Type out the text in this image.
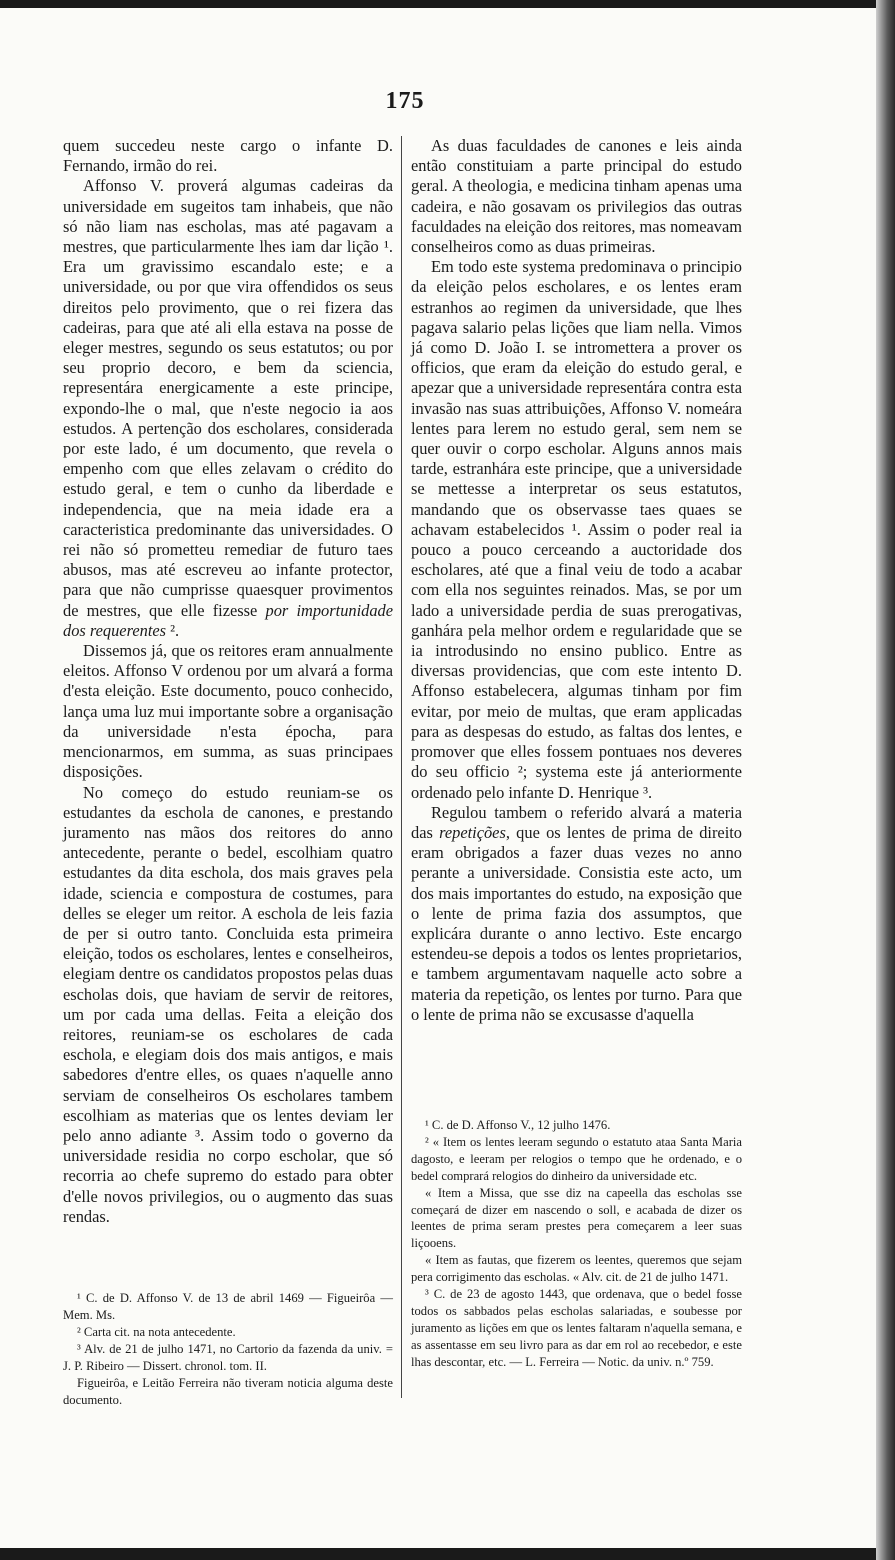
175

quem succedeu neste cargo o infante D. Fernando, irmão do rei.

Affonso V. proverá algumas cadeiras da universidade em sugeitos tam inhabeis, que não só não liam nas escholas, mas até pagavam a mestres, que particularmente lhes iam dar lição ¹. Era um gravissimo escandalo este; e a universidade, ou por que vira offendidos os seus direitos pelo provimento, que o rei fizera das cadeiras, para que até ali ella estava na posse de eleger mestres, segundo os seus estatutos; ou por seu proprio decoro, e bem da sciencia, representára energicamente a este principe, expondo-lhe o mal, que n'este negocio ia aos estudos. A pertenção dos escholares, considerada por este lado, é um documento, que revela o empenho com que elles zelavam o crédito do estudo geral, e tem o cunho da liberdade e independencia, que na meia idade era a caracteristica predominante das universidades. O rei não só prometteu remediar de futuro taes abusos, mas até escreveu ao infante protector, para que não cumprisse quaesquer provimentos de mestres, que elle fizesse por importunidade dos requerentes ².

Dissemos já, que os reitores eram annualmente eleitos. Affonso V ordenou por um alvará a forma d'esta eleição. Este documento, pouco conhecido, lança uma luz mui importante sobre a organisação da universidade n'esta épocha, para mencionarmos, em summa, as suas principaes disposições.

No começo do estudo reuniam-se os estudantes da eschola de canones, e prestando juramento nas mãos dos reitores do anno antecedente, perante o bedel, escolhiam quatro estudantes da dita eschola, dos mais graves pela idade, sciencia e compostura de costumes, para delles se eleger um reitor. A eschola de leis fazia de per si outro tanto. Concluida esta primeira eleição, todos os escholares, lentes e conselheiros, elegiam dentre os candidatos propostos pelas duas escholas dois, que haviam de servir de reitores, um por cada uma dellas. Feita a eleição dos reitores, reuniam-se os escholares de cada eschola, e elegiam dois dos mais antigos, e mais sabedores d'entre elles, os quaes n'aquelle anno serviam de conselheiros Os escholares tambem escolhiam as materias que os lentes deviam ler pelo anno adiante ³. Assim todo o governo da universidade residia no corpo escholar, que só recorria ao chefe supremo do estado para obter d'elle novos privilegios, ou o augmento das suas rendas.

As duas faculdades de canones e leis ainda então constituiam a parte principal do estudo geral. A theologia, e medicina tinham apenas uma cadeira, e não gosavam os privilegios das outras faculdades na eleição dos reitores, mas nomeavam conselheiros como as duas primeiras.

Em todo este systema predominava o principio da eleição pelos escholares, e os lentes eram estranhos ao regimen da universidade, que lhes pagava salario pelas lições que liam nella. Vimos já como D. João I. se intromettera a prover os officios, que eram da eleição do estudo geral, e apezar que a universidade representára contra esta invasão nas suas attribuições, Affonso V. nomeára lentes para lerem no estudo geral, sem nem se quer ouvir o corpo escholar. Alguns annos mais tarde, estranhára este principe, que a universidade se mettesse a interpretar os seus estatutos, mandando que os observasse taes quaes se achavam estabelecidos ¹. Assim o poder real ia pouco a pouco cerceando a auctoridade dos escholares, até que a final veiu de todo a acabar com ella nos seguintes reinados. Mas, se por um lado a universidade perdia de suas prerogativas, ganhára pela melhor ordem e regularidade que se ia introdusindo no ensino publico. Entre as diversas providencias, que com este intento D. Affonso estabelecera, algumas tinham por fim evitar, por meio de multas, que eram applicadas para as despesas do estudo, as faltas dos lentes, e promover que elles fossem pontuaes nos deveres do seu officio ²; systema este já anteriormente ordenado pelo infante D. Henrique ³.

Regulou tambem o referido alvará a materia das repetições, que os lentes de prima de direito eram obrigados a fazer duas vezes no anno perante a universidade. Consistia este acto, um dos mais importantes do estudo, na exposição que o lente de prima fazia dos assumptos, que explicára durante o anno lectivo. Este encargo estendeu-se depois a todos os lentes proprietarios, e tambem argumentavam naquelle acto sobre a materia da repetição, os lentes por turno. Para que o lente de prima não se excusasse d'aquella

¹ C. de D. Affonso V. de 13 de abril 1469 — Figueirôa — Mem. Ms.

² Carta cit. na nota antecedente.

³ Alv. de 21 de julho 1471, no Cartorio da fazenda da univ. = J. P. Ribeiro — Dissert. chronol. tom. II.

Figueirôa, e Leitão Ferreira não tiveram noticia alguma deste documento.

¹ C. de D. Affonso V., 12 julho 1476.

² « Item os lentes leeram segundo o estatuto ataa Santa Maria dagosto, e leeram per relogios o tempo que he ordenado, e o bedel comprará relogios do dinheiro da universidade etc.

« Item a Missa, que sse diz na capeella das escholas sse começará de dizer em nascendo o soll, e acabada de dizer os leentes de prima seram prestes pera começarem a leer suas liçooens.

« Item as fautas, que fizerem os leentes, queremos que sejam pera corrigimento das escholas. « Alv. cit. de 21 de julho 1471.

³ C. de 23 de agosto 1443, que ordenava, que o bedel fosse todos os sabbados pelas escholas salariadas, e soubesse por juramento as lições em que os lentes faltaram n'aquella semana, e as assentasse em seu livro para as dar em rol ao recebedor, e este lhas descontar, etc. — L. Ferreira — Notic. da univ. n.º 759.
